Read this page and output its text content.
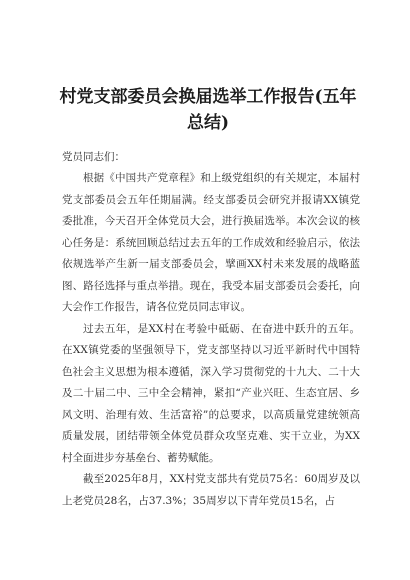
村党支部委员会换届选举工作报告(五年总结)

党员同志们：

根据《中国共产党章程》和上级党组织的有关规定，本届村党支部委员会五年任期届满。经支部委员会研究并报请XX镇党委批准，今天召开全体党员大会，进行换届选举。本次会议的核心任务是：系统回顾总结过去五年的工作成效和经验启示，依法依规选举产生新一届支部委员会，擘画XX村未来发展的战略蓝图、路径选择与重点举措。现在，我受本届支部委员会委托，向大会作工作报告，请各位党员同志审议。

过去五年，是XX村在考验中砥砺、在奋进中跃升的五年。在XX镇党委的坚强领导下，党支部坚持以习近平新时代中国特色社会主义思想为根本遵循，深入学习贯彻党的十九大、二十大及二十届二中、三中全会精神，紧扣“产业兴旺、生态宜居、乡风文明、治理有效、生活富裕”的总要求，以高质量党建统领高质量发展，团结带领全体党员群众攻坚克难、实干立业，为XX村全面进步夯基垒台、蓄势赋能。

截至2025年8月，XX村党支部共有党员75名：60周岁及以上老党员28名，占37.3%；35周岁以下青年党员15名，占
